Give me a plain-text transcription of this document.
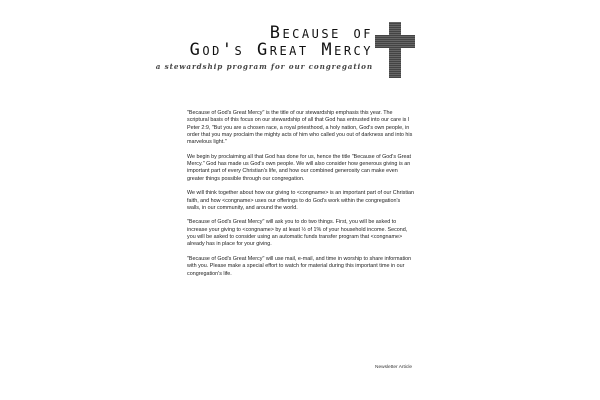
Because of
God's Great Mercy
a stewardship program for our congregation

"Because of God's Great Mercy" is the title of our stewardship emphasis this year. The scriptural basis of this focus on our stewardship of all that God has entrusted into our care is I Peter 2:9, "But you are a chosen race, a royal priesthood, a holy nation, God's own people, in order that you may proclaim the mighty acts of him who called you out of darkness and into his marvelous light."

We begin by proclaiming all that God has done for us, hence the title "Because of God's Great Mercy." God has made us God's own people. We will also consider how generous giving is an important part of every Christian's life, and how our combined generosity can make even greater things possible through our congregation.

We will think together about how our giving to <congname> is an important part of our Christian faith, and how <congname> uses our offerings to do God's work within the congregation's walls, in our community, and around the world.

"Because of God's Great Mercy" will ask you to do two things. First, you will be asked to increase your giving to <congname> by at least ½ of 1% of your household income. Second, you will be asked to consider using an automatic funds transfer program that <congname> already has in place for your giving.

"Because of God's Great Mercy" will use mail, e-mail, and time in worship to share information with you. Please make a special effort to watch for material during this important time in our congregation's life.

Newsletter Article
